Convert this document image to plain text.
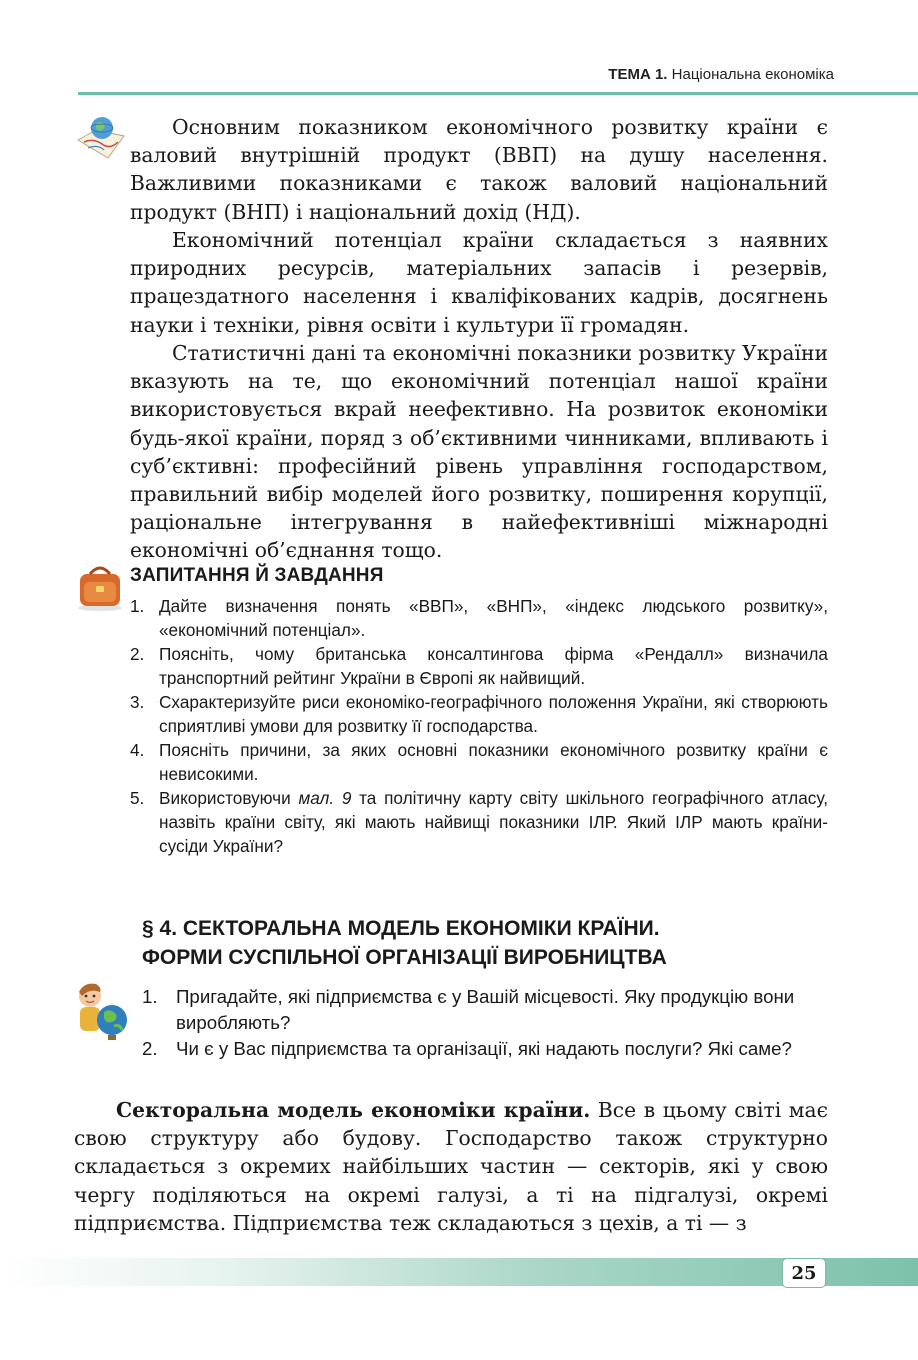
ТЕМА 1. Національна економіка

Основним показником економічного розвитку країни є валовий внутрішній продукт (ВВП) на душу населення. Важливими показниками є також валовий національний продукт (ВНП) і національний дохід (НД).

Економічний потенціал країни складається з наявних природних ресурсів, матеріальних запасів і резервів, працездатного населення і кваліфікованих кадрів, досягнень науки і техніки, рівня освіти і культури її громадян.

Статистичні дані та економічні показники розвитку України вказують на те, що економічний потенціал нашої країни використовується вкрай неефективно. На розвиток економіки будь-якої країни, поряд з об’єктивними чинниками, впливають і суб’єктивні: професійний рівень управління господарством, правильний вибір моделей його розвитку, поширення корупції, раціональне інтегрування в найефективніші міжнародні економічні об’єднання тощо.

ЗАПИТАННЯ Й ЗАВДАННЯ
1. Дайте визначення понять «ВВП», «ВНП», «індекс людського розвитку», «економічний потенціал».
2. Поясніть, чому британська консалтингова фірма «Рендалл» визначила транспортний рейтинг України в Європі як найвищий.
3. Схарактеризуйте риси економіко-географічного положення України, які створюють сприятливі умови для розвитку її господарства.
4. Поясніть причини, за яких основні показники економічного розвитку країни є невисокими.
5. Використовуючи мал. 9 та політичну карту світу шкільного географічного атласу, назвіть країни світу, які мають найвищі показники ІЛР. Який ІЛР мають країни-сусіди України?
§ 4. СЕКТОРАЛЬНА МОДЕЛЬ ЕКОНОМІКИ КРАЇНИ.
ФОРМИ СУСПІЛЬНОЇ ОРГАНІЗАЦІЇ ВИРОБНИЦТВА
1. Пригадайте, які підприємства є у Вашій місцевості. Яку продукцію вони виробляють?
2. Чи є у Вас підприємства та організації, які надають послуги? Які саме?

Секторальна модель економіки країни. Все в цьому світі має свою структуру або будову. Господарство також структурно складається з окремих найбільших частин — секторів, які у свою чергу поділяються на окремі галузі, а ті на підгалузі, окремі підприємства. Підприємства теж складаються з цехів, а ті — з

25
